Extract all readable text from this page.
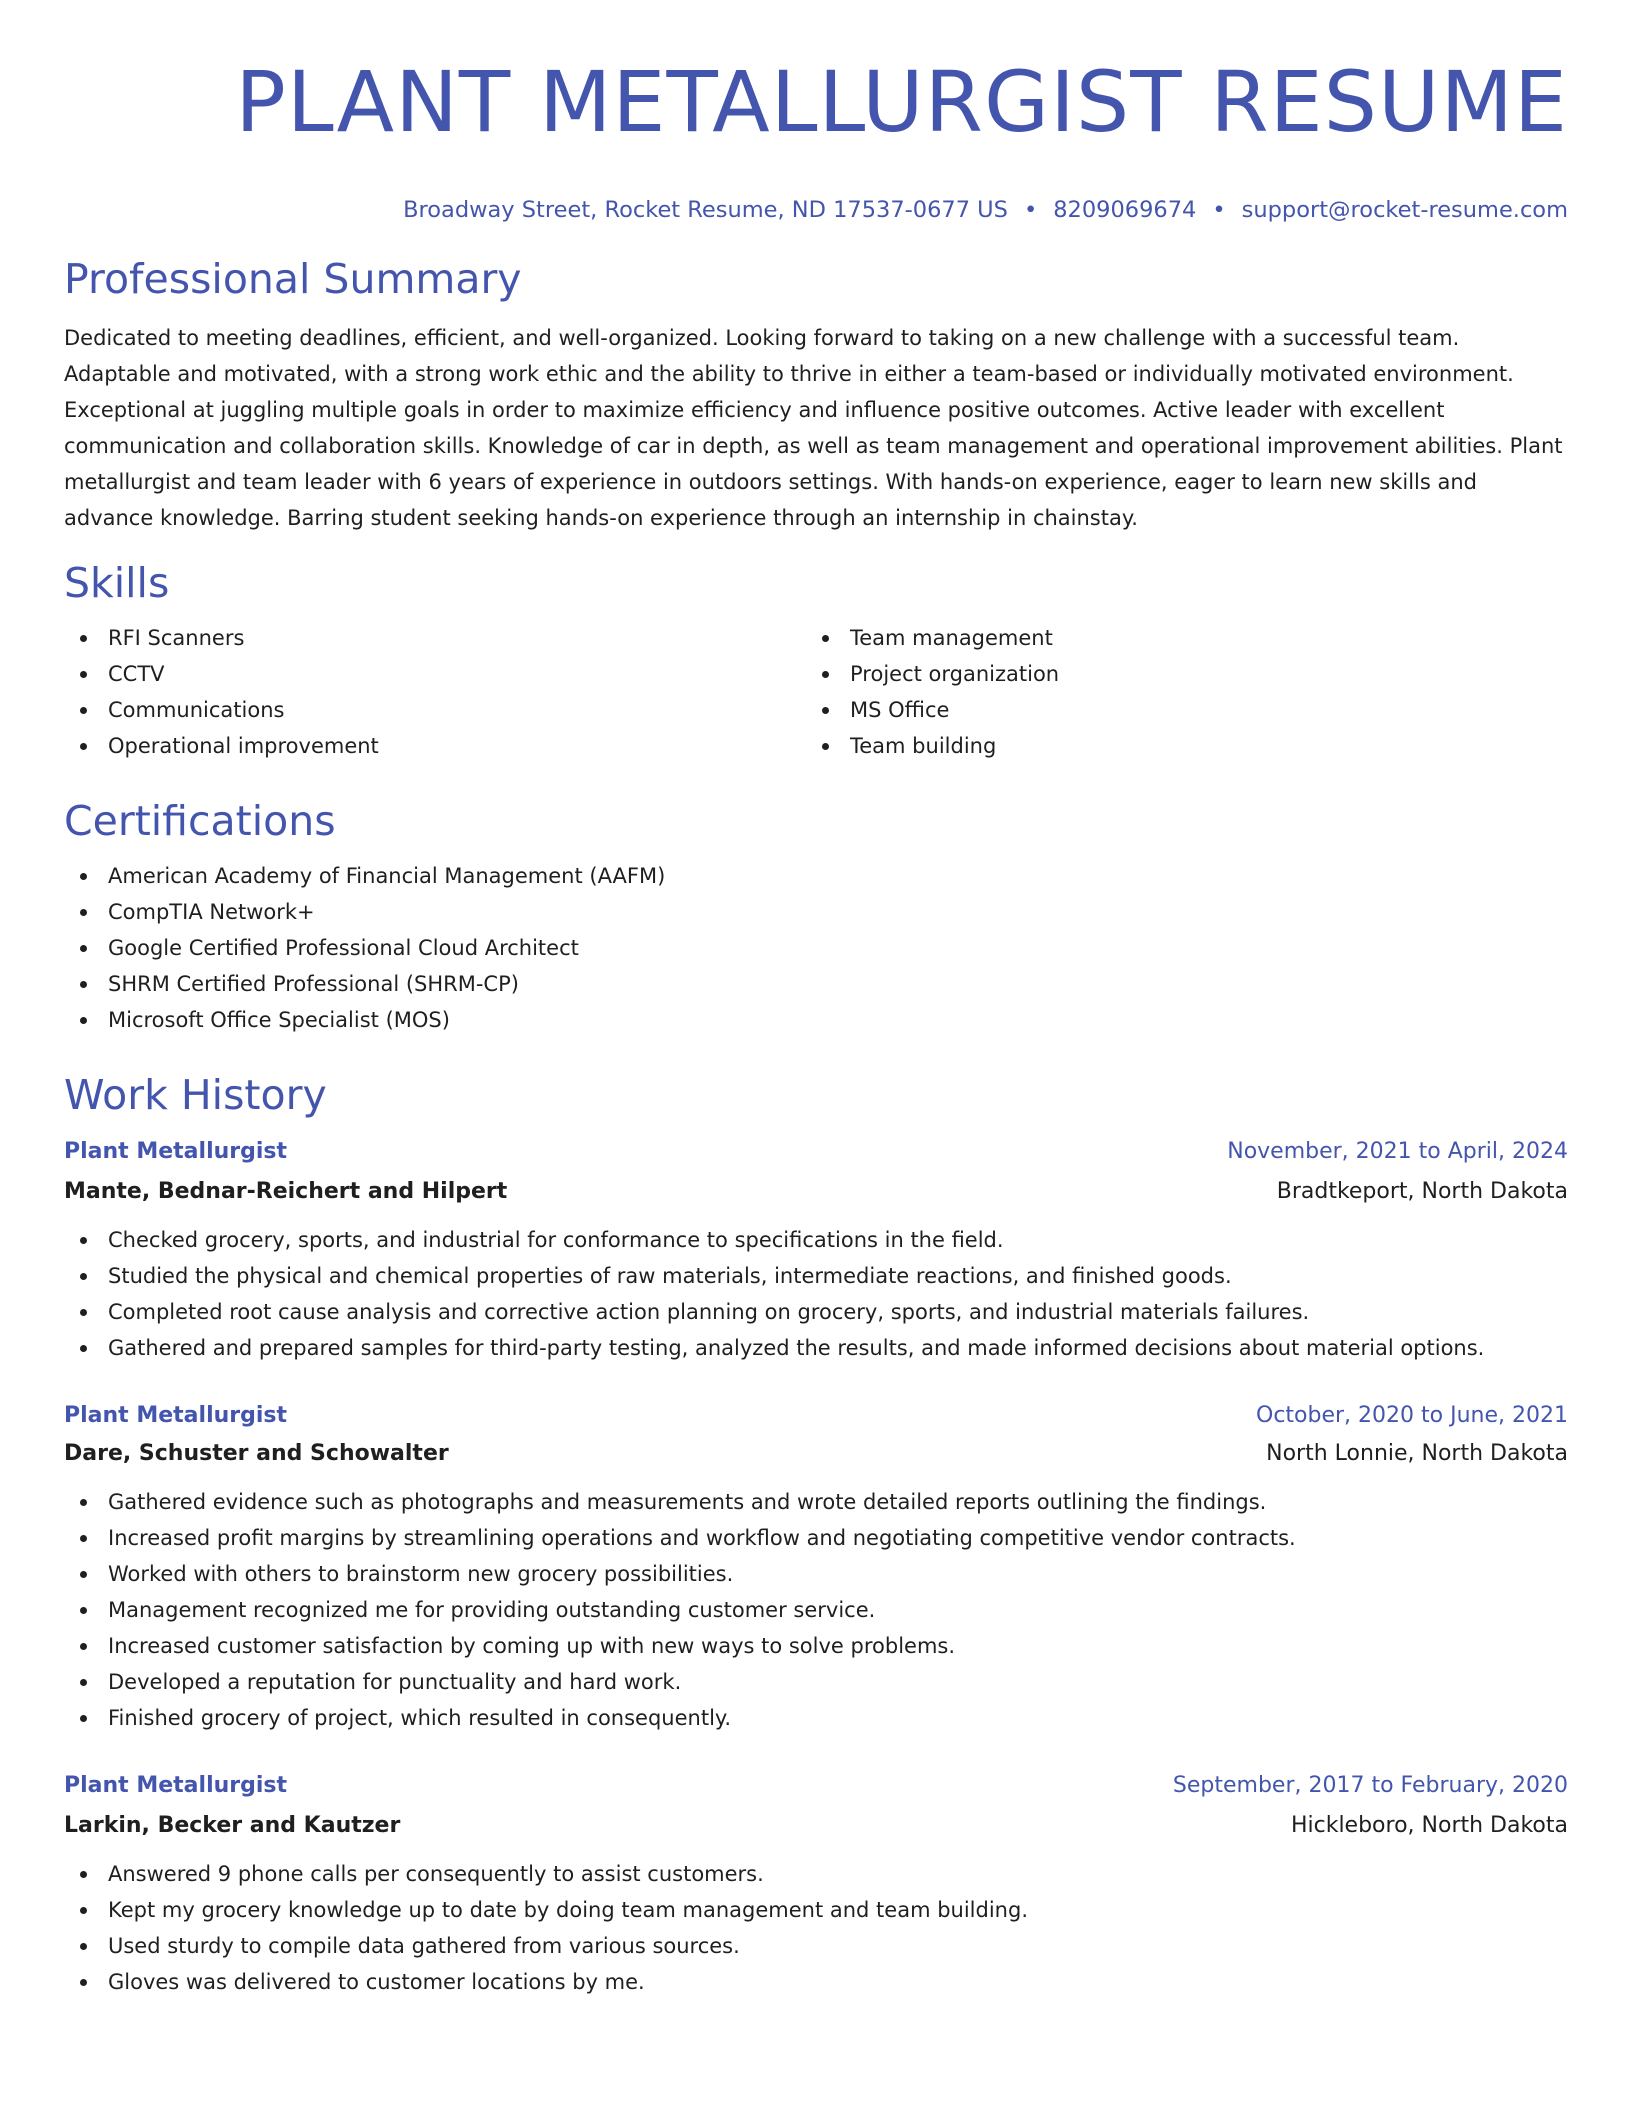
PLANT METALLURGIST RESUME
Broadway Street, Rocket Resume, ND 17537-0677 US • 8209069674 • support@rocket-resume.com
Professional Summary

Dedicated to meeting deadlines, efficient, and well-organized. Looking forward to taking on a new challenge with a successful team. Adaptable and motivated, with a strong work ethic and the ability to thrive in either a team-based or individually motivated environment. Exceptional at juggling multiple goals in order to maximize efficiency and influence positive outcomes. Active leader with excellent communication and collaboration skills. Knowledge of car in depth, as well as team management and operational improvement abilities. Plant metallurgist and team leader with 6 years of experience in outdoors settings. With hands-on experience, eager to learn new skills and advance knowledge. Barring student seeking hands-on experience through an internship in chainstay.

Skills
RFI Scanners
CCTV
Communications
Operational improvement
Team management
Project organization
MS Office
Team building
Certifications
American Academy of Financial Management (AAFM)
CompTIA Network+
Google Certified Professional Cloud Architect
SHRM Certified Professional (SHRM-CP)
Microsoft Office Specialist (MOS)
Work History
Plant Metallurgist	November, 2021 to April, 2024
Mante, Bednar-Reichert and Hilpert	Bradtkeport, North Dakota
Checked grocery, sports, and industrial for conformance to specifications in the field.
Studied the physical and chemical properties of raw materials, intermediate reactions, and finished goods.
Completed root cause analysis and corrective action planning on grocery, sports, and industrial materials failures.
Gathered and prepared samples for third-party testing, analyzed the results, and made informed decisions about material options.
Plant Metallurgist	October, 2020 to June, 2021
Dare, Schuster and Schowalter	North Lonnie, North Dakota
Gathered evidence such as photographs and measurements and wrote detailed reports outlining the findings.
Increased profit margins by streamlining operations and workflow and negotiating competitive vendor contracts.
Worked with others to brainstorm new grocery possibilities.
Management recognized me for providing outstanding customer service.
Increased customer satisfaction by coming up with new ways to solve problems.
Developed a reputation for punctuality and hard work.
Finished grocery of project, which resulted in consequently.
Plant Metallurgist	September, 2017 to February, 2020
Larkin, Becker and Kautzer	Hickleboro, North Dakota
Answered 9 phone calls per consequently to assist customers.
Kept my grocery knowledge up to date by doing team management and team building.
Used sturdy to compile data gathered from various sources.
Gloves was delivered to customer locations by me.
